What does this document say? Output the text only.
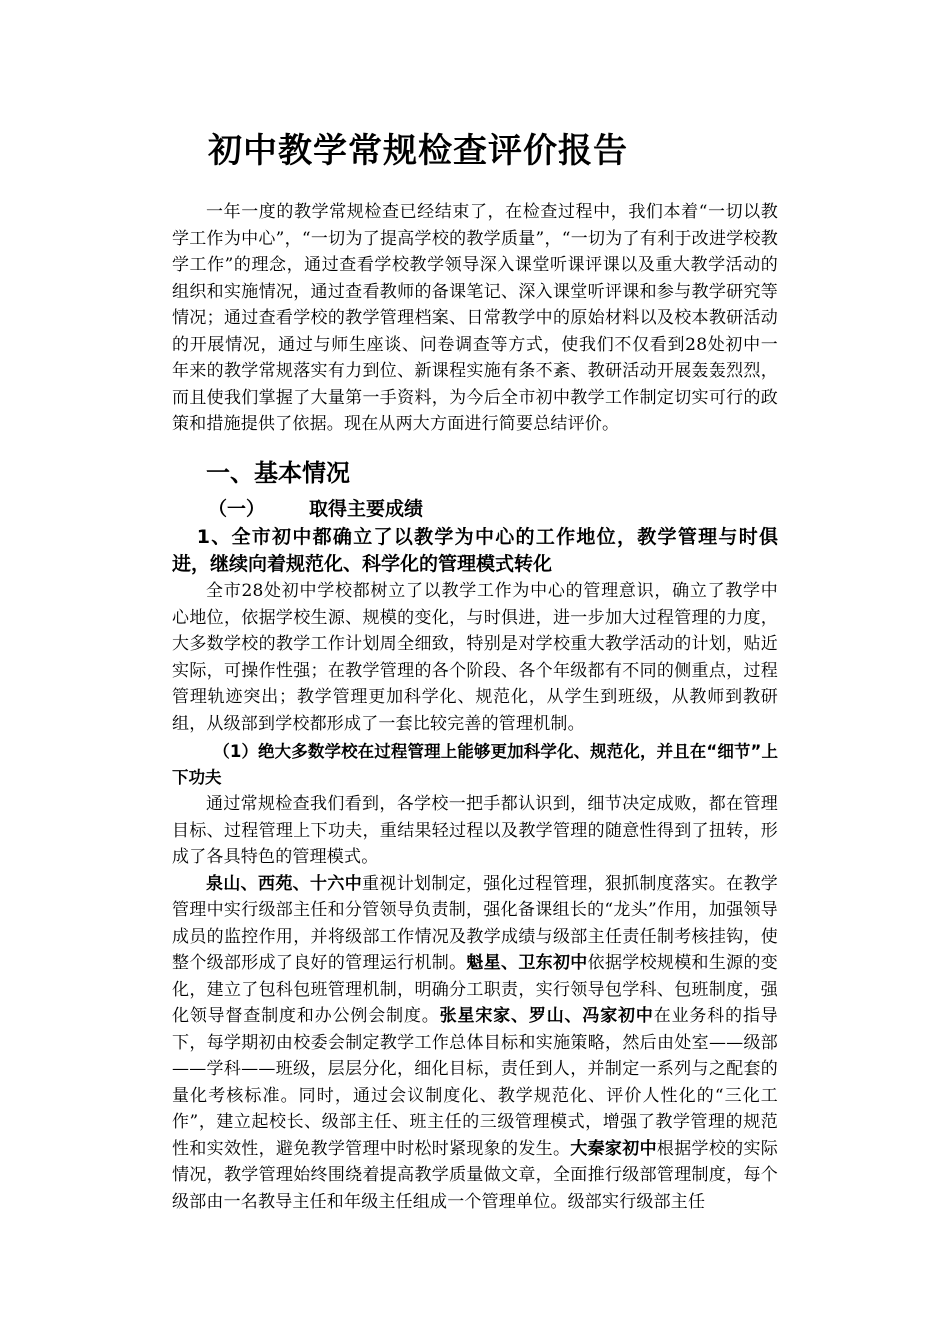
初中教学常规检查评价报告

一年一度的教学常规检查已经结束了，在检查过程中，我们本着“一切以教学工作为中心”，“一切为了提高学校的教学质量”，“一切为了有利于改进学校教学工作”的理念，通过查看学校教学领导深入课堂听课评课以及重大教学活动的组织和实施情况，通过查看教师的备课笔记、深入课堂听评课和参与教学研究等情况；通过查看学校的教学管理档案、日常教学中的原始材料以及校本教研活动的开展情况，通过与师生座谈、问卷调查等方式，使我们不仅看到28处初中一年来的教学常规落实有力到位、新课程实施有条不紊、教研活动开展轰轰烈烈，而且使我们掌握了大量第一手资料，为今后全市初中教学工作制定切实可行的政策和措施提供了依据。现在从两大方面进行简要总结评价。

一、基本情况
（一） 取得主要成绩
1、全市初中都确立了以教学为中心的工作地位，教学管理与时俱进，继续向着规范化、科学化的管理模式转化

全市28处初中学校都树立了以教学工作为中心的管理意识，确立了教学中心地位，依据学校生源、规模的变化，与时俱进，进一步加大过程管理的力度，大多数学校的教学工作计划周全细致，特别是对学校重大教学活动的计划，贴近实际，可操作性强；在教学管理的各个阶段、各个年级都有不同的侧重点，过程管理轨迹突出；教学管理更加科学化、规范化，从学生到班级，从教师到教研组，从级部到学校都形成了一套比较完善的管理机制。

（1）绝大多数学校在过程管理上能够更加科学化、规范化，并且在“细节”上下功夫

通过常规检查我们看到，各学校一把手都认识到，细节决定成败，都在管理目标、过程管理上下功夫，重结果轻过程以及教学管理的随意性得到了扭转，形成了各具特色的管理模式。

泉山、西苑、十六中重视计划制定，强化过程管理，狠抓制度落实。在教学管理中实行级部主任和分管领导负责制，强化备课组长的“龙头”作用，加强领导成员的监控作用，并将级部工作情况及教学成绩与级部主任责任制考核挂钩，使整个级部形成了良好的管理运行机制。魁星、卫东初中依据学校规模和生源的变化，建立了包科包班管理机制，明确分工职责，实行领导包学科、包班制度，强化领导督查制度和办公例会制度。张星宋家、罗山、冯家初中在业务科的指导下，每学期初由校委会制定教学工作总体目标和实施策略，然后由处室——级部——学科——班级，层层分化，细化目标，责任到人，并制定一系列与之配套的量化考核标准。同时，通过会议制度化、教学规范化、评价人性化的“三化工作”，建立起校长、级部主任、班主任的三级管理模式，增强了教学管理的规范性和实效性，避免教学管理中时松时紧现象的发生。大秦家初中根据学校的实际情况，教学管理始终围绕着提高教学质量做文章，全面推行级部管理制度，每个级部由一名教导主任和年级主任组成一个管理单位。级部实行级部主任
